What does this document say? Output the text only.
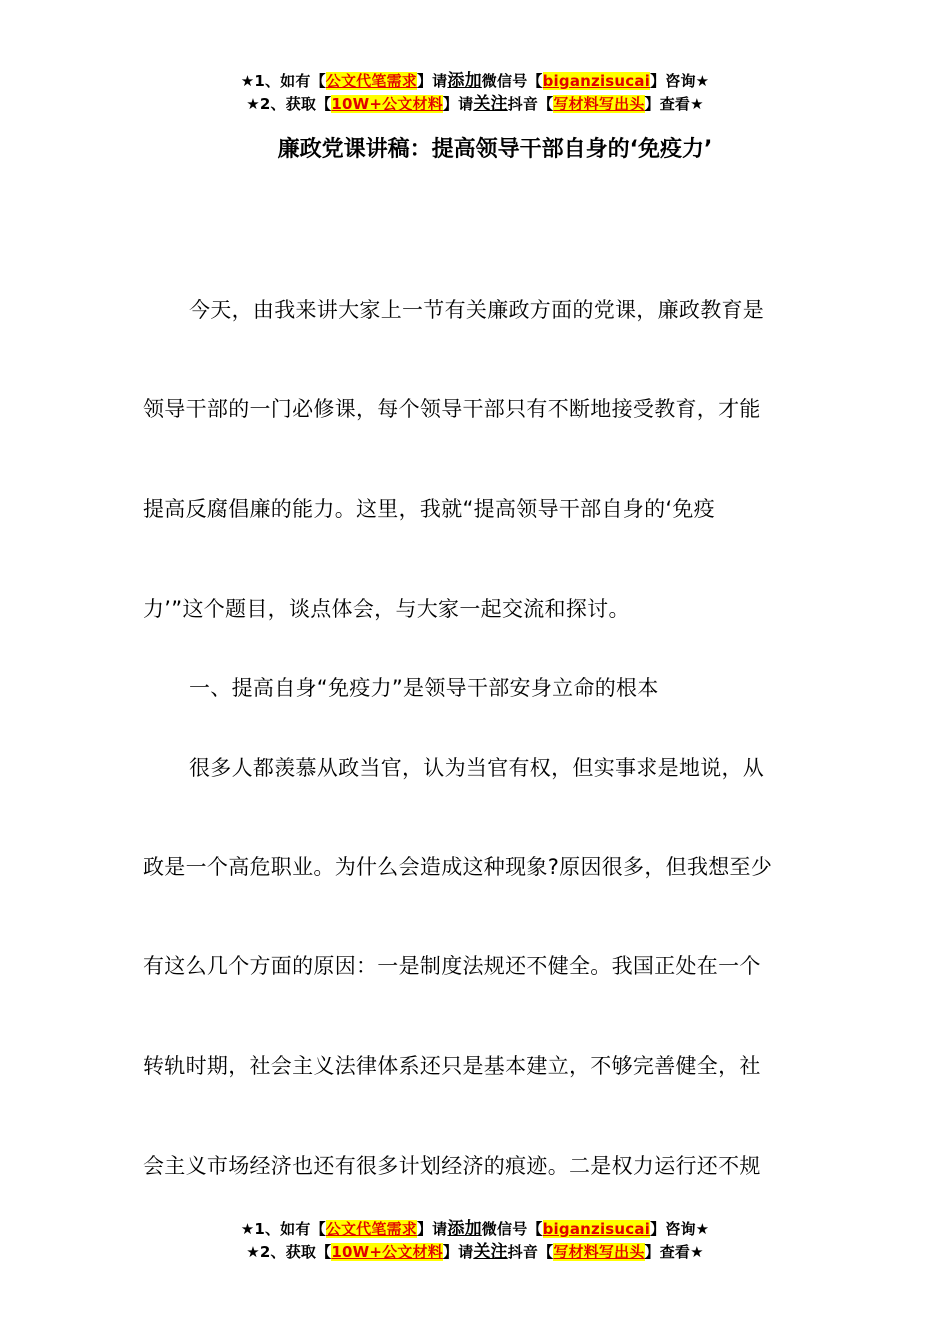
★1、如有【公文代笔需求】请添加微信号【biganzisucai】咨询★
★2、获取【10W+公文材料】请关注抖音【写材料写出头】查看★
廉政党课讲稿：提高领导干部自身的‘免疫力’
今天，由我来讲大家上一节有关廉政方面的党课，廉政教育是
领导干部的一门必修课，每个领导干部只有不断地接受教育，才能
提高反腐倡廉的能力。这里，我就“提高领导干部自身的‘免疫
力’”这个题目，谈点体会，与大家一起交流和探讨。
一、提高自身“免疫力”是领导干部安身立命的根本
很多人都羡慕从政当官，认为当官有权，但实事求是地说，从
政是一个高危职业。为什么会造成这种现象?原因很多，但我想至少
有这么几个方面的原因：一是制度法规还不健全。我国正处在一个
转轨时期，社会主义法律体系还只是基本建立，不够完善健全，社
会主义市场经济也还有很多计划经济的痕迹。二是权力运行还不规
★1、如有【公文代笔需求】请添加微信号【biganzisucai】咨询★
★2、获取【10W+公文材料】请关注抖音【写材料写出头】查看★
